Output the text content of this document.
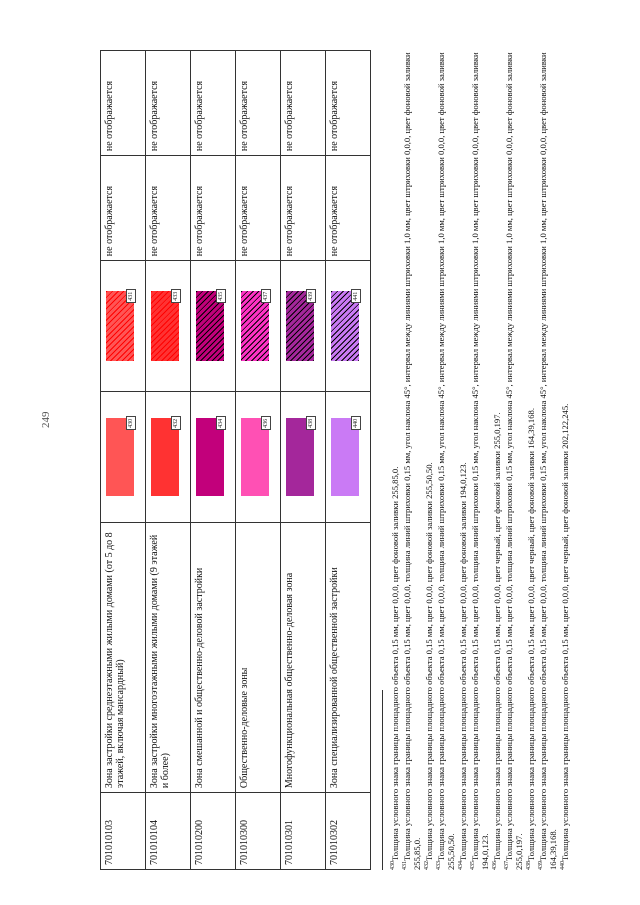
249
701010103	Зона застройки среднеэтажными жилыми домами (от 5 до 8 этажей, включая мансардный)	430	431	не отображается	не отображается
701010104	Зона застройки многоэтажными жилыми домами (9 этажей и более)	432	433	не отображается	не отображается
701010200	Зона смешанной и общественно-деловой застройки	434	435	не отображается	не отображается
701010300	Общественно-деловые зоны	436	437	не отображается	не отображается
701010301	Многофункциональная общественно-деловая зона	438	439	не отображается	не отображается
701010302	Зона специализированной общественной застройки	440	441	не отображается	не отображается

$^{430}$Толщина условного знака границы площадного объекта 0,15 мм, цвет 0,0,0, цвет фоновой заливки 255,85,0.

$^{431}$Толщина условного знака границы площадного объекта 0,15 мм, цвет 0,0,0, толщина линий штриховки 0,15 мм, угол наклона 45°, интервал между линиями штриховки 1,0 мм, цвет штриховки 0,0,0, цвет фоновой заливки 255,85,0. $^{432}$Толщина условного знака границы площадного объекта 0,15 мм, цвет 0,0,0, цвет фоновой заливки 255,50,50.

$^{433}$Толщина условного знака границы площадного объекта 0,15 мм, цвет 0,0,0, толщина линий штриховки 0,15 мм, угол наклона 45°, интервал между линиями штриховки 1,0 мм, цвет штриховки 0,0,0, цвет фоновой заливки 255,50,50. $^{434}$Толщина условного знака границы площадного объекта 0,15 мм, цвет 0,0,0, цвет фоновой заливки 194,0,123.

$^{435}$Толщина условного знака границы площадного объекта 0,15 мм, цвет 0,0,0, толщина линий штриховки 0,15 мм, угол наклона 45°, интервал между линиями штриховки 1,0 мм, цвет штриховки 0,0,0, цвет фоновой заливки 194,0,123. $^{436}$Толщина условного знака границы площадного объекта 0,15 мм, цвет 0,0,0, цвет черный, цвет фоновой заливки 255,0,197.

$^{437}$Толщина условного знака границы площадного объекта 0,15 мм, цвет 0,0,0, толщина линий штриховки 0,15 мм, угол наклона 45°, интервал между линиями штриховки 1,0 мм, цвет штриховки 0,0,0, цвет фоновой заливки 255,0,197. $^{438}$Толщина условного знака границы площадного объекта 0,15 мм, цвет 0,0,0, цвет черный, цвет фоновой заливки 164,39,168.

$^{439}$Толщина условного знака границы площадного объекта 0,15 мм, цвет 0,0,0, толщина линий штриховки 0,15 мм, угол наклона 45°, интервал между линиями штриховки 1,0 мм, цвет штриховки 0,0,0, цвет фоновой заливки 164,39,168. $^{440}$Толщина условного знака границы площадного объекта 0,15 мм, цвет 0,0,0, цвет черный, цвет фоновой заливки 202,122,245.
